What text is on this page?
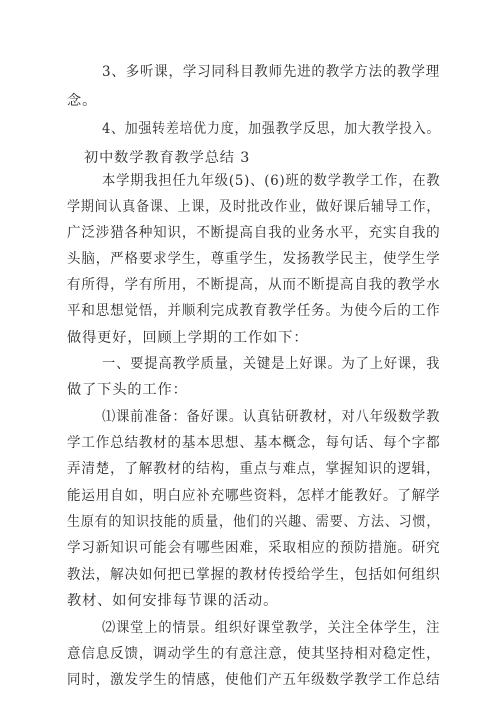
3、多听课，学习同科目教师先进的教学方法的教学理
念。
4、加强转差培优力度，加强教学反思，加大教学投入。
初中数学教育教学总结 3
本学期我担任九年级(5)、(6)班的数学教学工作，在教
学期间认真备课、上课，及时批改作业，做好课后辅导工作，
广泛涉猎各种知识，不断提高自我的业务水平，充实自我的
头脑，严格要求学生，尊重学生，发扬教学民主，使学生学
有所得，学有所用，不断提高，从而不断提高自我的教学水
平和思想觉悟，并顺利完成教育教学任务。为使今后的工作
做得更好，回顾上学期的工作如下：
一、要提高教学质量，关键是上好课。为了上好课，我
做了下头的工作：
⑴课前准备：备好课。认真钻研教材，对八年级数学教
学工作总结教材的基本思想、基本概念，每句话、每个字都
弄清楚，了解教材的结构，重点与难点，掌握知识的逻辑，
能运用自如，明白应补充哪些资料，怎样才能教好。了解学
生原有的知识技能的质量，他们的兴趣、需要、方法、习惯，
学习新知识可能会有哪些困难，采取相应的预防措施。研究
教法，解决如何把已掌握的教材传授给学生，包括如何组织
教材、如何安排每节课的活动。
⑵课堂上的情景。组织好课堂教学，关注全体学生，注
意信息反馈，调动学生的有意注意，使其坚持相对稳定性，
同时，激发学生的情感，使他们产五年级数学教学工作总结
